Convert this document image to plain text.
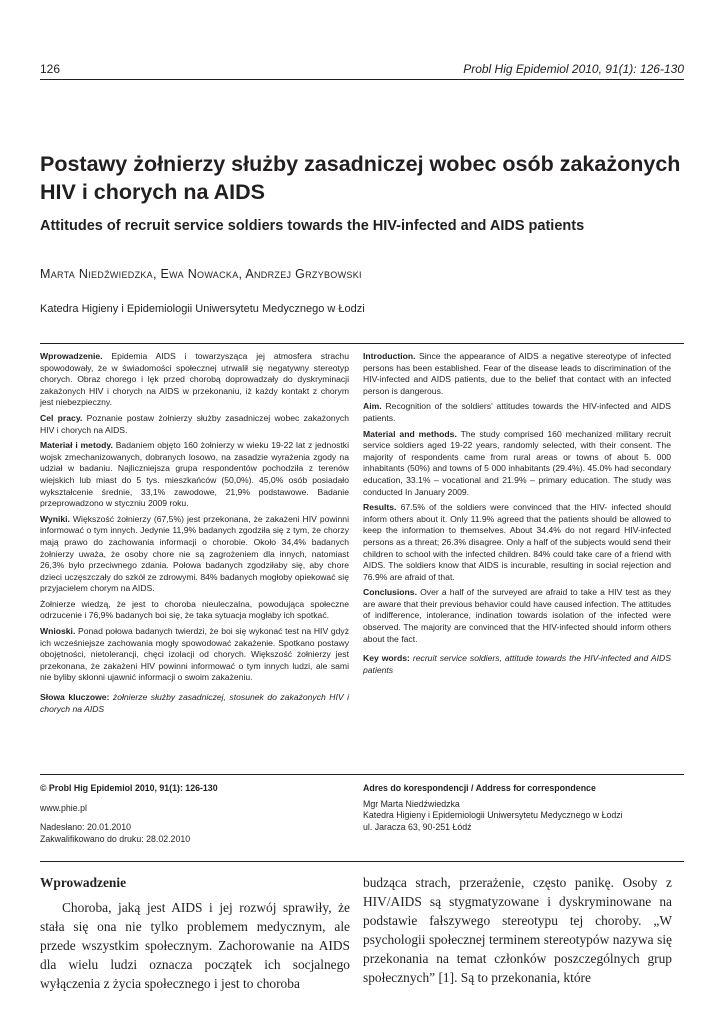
126	Probl Hig Epidemiol 2010, 91(1): 126-130
Postawy żołnierzy służby zasadniczej wobec osób zakażonych HIV i chorych na AIDS
Attitudes of recruit service soldiers towards the HIV-infected and AIDS patients
Marta Niedźwiedzka, Ewa Nowacka, Andrzej Grzybowski
Katedra Higieny i Epidemiologii Uniwersytetu Medycznego w Łodzi

Wprowadzenie. Epidemia AIDS i towarzysząca jej atmosfera strachu spowodowały, że w świadomości społecznej utrwalił się negatywny stereotyp chorych. Obraz chorego i lęk przed chorobą doprowadzały do dyskryminacji zakażonych HIV i chorych na AIDS w przekonaniu, iż każdy kontakt z chorym jest niebezpieczny.

Cel pracy. Poznanie postaw żołnierzy służby zasadniczej wobec zakażonych HIV i chorych na AIDS.

Materiał i metody. Badaniem objęto 160 żołnierzy w wieku 19-22 lat z jednostki wojsk zmechanizowanych, dobranych losowo, na zasadzie wyrażenia zgody na udział w badaniu. Najliczniejsza grupa respondentów pochodziła z terenów wiejskich lub miast do 5 tys. mieszkańców (50,0%). 45,0% osób posiadało wykształcenie średnie, 33,1% zawodowe, 21,9% podstawowe. Badanie przeprowadzono w styczniu 2009 roku.

Wyniki. Większość żołnierzy (67,5%) jest przekonana, że zakażeni HIV powinni informować o tym innych. Jedynie 11,9% badanych zgodziła się z tym, że chorzy mają prawo do zachowania informacji o chorobie. Około 34,4% badanych żołnierzy uważa, że osoby chore nie są zagrożeniem dla innych, natomiast 26,3% było przeciwnego zdania. Połowa badanych zgodziłaby się, aby chore dzieci uczęszczały do szkół ze zdrowymi. 84% badanych mogłoby opiekować się przyjacielem chorym na AIDS.

Żołnierze wiedzą, że jest to choroba nieuleczalna, powodująca społeczne odrzucenie i 76,9% badanych boi się, że taka sytuacja mogłaby ich spotkać.

Wnioski. Ponad połowa badanych twierdzi, że boi się wykonać test na HIV gdyż ich wcześniejsze zachowania mogły spowodować zakażenie. Spotkano postawy obojętności, nietolerancji, chęci izolacji od chorych. Większość żołnierzy jest przekonana, że zakażeni HIV powinni informować o tym innych ludzi, ale sami nie byliby skłonni ujawnić informacji o swoim zakażeniu.

Słowa kluczowe: żołnierze służby zasadniczej, stosunek do zakażonych HIV i chorych na AIDS

Introduction. Since the appearance of AIDS a negative stereotype of infected persons has been established. Fear of the disease leads to discrimination of the HIV-infected and AIDS patients, due to the belief that contact with an infected person is dangerous.

Aim. Recognition of the soldiers' attitudes towards the HIV-infected and AIDS patients.

Material and methods. The study comprised 160 mechanized military recruit service soldiers aged 19-22 years, randomly selected, with their consent. The majority of respondents came from rural areas or towns of about 5. 000 inhabitants (50%) and towns of 5 000 inhabitants (29.4%). 45.0% had secondary education, 33.1% – vocational and 21.9% – primary education. The study was conducted In January 2009.

Results. 67.5% of the soldiers were convinced that the HIV- infected should inform others about it. Only 11.9% agreed that the patients should be allowed to keep the information to themselves. About 34.4% do not regard HIV-infected persons as a threat; 26.3% disagree. Only a half of the subjects would send their children to school with the infected children. 84% could take care of a friend with AIDS. The soldiers know that AIDS is incurable, resulting in social rejection and 76.9% are afraid of that.

Conclusions. Over a half of the surveyed are afraid to take a HIV test as they are aware that their previous behavior could have caused infection. The attitudes of indifference, intolerance, indination towards isolation of the infected were observed. The majority are convinced that the HIV-infected should inform others about the fact.

Key words: recruit service soldiers, attitude towards the HIV-infected and AIDS patients

© Probl Hig Epidemiol 2010, 91(1): 126-130
www.phie.pl
Nadesłano: 20.01.2010
Zakwalifikowano do druku: 28.02.2010
Adres do korespondencji / Address for correspondence
Mgr Marta Niedźwiedzka
Katedra Higieny i Epidemiologii Uniwersytetu Medycznego w Łodzi
ul. Jaracza 63, 90-251 Łódź
Wprowadzenie

Choroba, jaką jest AIDS i jej rozwój sprawiły, że stała się ona nie tylko problemem medycznym, ale przede wszystkim społecznym. Zachorowanie na AIDS dla wielu ludzi oznacza początek ich socjalnego wyłączenia z życia społecznego i jest to choroba

budząca strach, przerażenie, często panikę. Osoby z HIV/AIDS są stygmatyzowane i dyskryminowane na podstawie fałszywego stereotypu tej choroby. „W psychologii społecznej terminem stereotypów nazywa się przekonania na temat członków poszczególnych grup społecznych” [1]. Są to przekonania, które
